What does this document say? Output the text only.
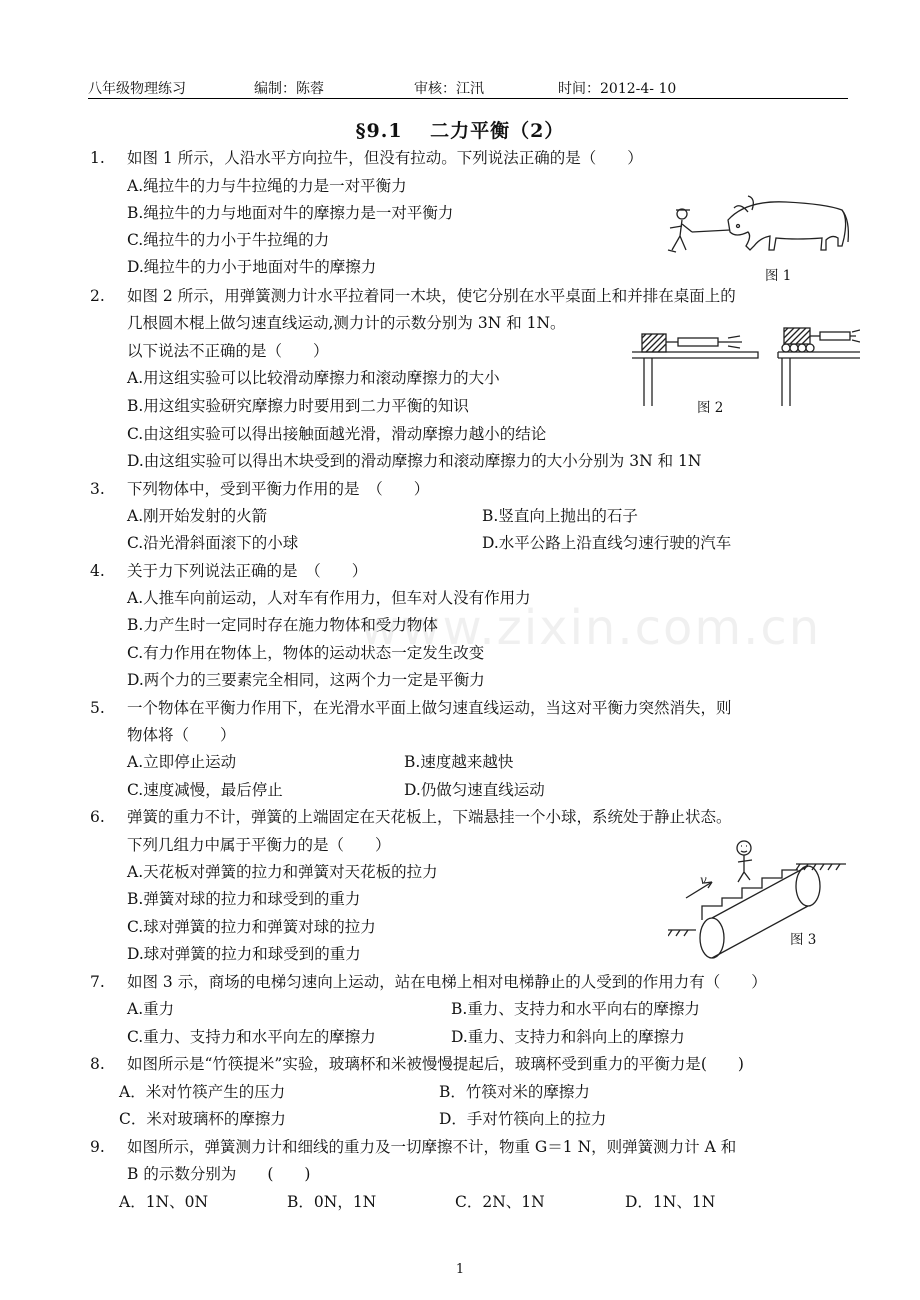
八年级物理练习	编制：陈蓉	审核：江汛	时间：2012-4- 10
§9.1　 二力平衡（2）
www.zixin.com.cn
1. 如图 1 所示，人沿水平方向拉牛，但没有拉动。下列说法正确的是（　　）
A.绳拉牛的力与牛拉绳的力是一对平衡力
B.绳拉牛的力与地面对牛的摩擦力是一对平衡力
C.绳拉牛的力小于牛拉绳的力
D.绳拉牛的力小于地面对牛的摩擦力	图 1
2. 如图 2 所示，用弹簧测力计水平拉着同一木块，使它分别在水平桌面上和并排在桌面上的
几根圆木棍上做匀速直线运动,测力计的示数分别为 3N 和 1N。
以下说法不正确的是（　　）
A.用这组实验可以比较滑动摩擦力和滚动摩擦力的大小
B.用这组实验研究摩擦力时要用到二力平衡的知识
C.由这组实验可以得出接触面越光滑，滑动摩擦力越小的结论
D.由这组实验可以得出木块受到的滑动摩擦力和滚动摩擦力的大小分别为 3N 和 1N
图 2
3. 下列物体中，受到平衡力作用的是　（　　）
A.刚开始发射的火箭	B.竖直向上抛出的石子
C.沿光滑斜面滚下的小球	D.水平公路上沿直线匀速行驶的汽车
4. 关于力下列说法正确的是　（　　）
A.人推车向前运动，人对车有作用力，但车对人没有作用力
B.力产生时一定同时存在施力物体和受力物体
C.有力作用在物体上，物体的运动状态一定发生改变
D.两个力的三要素完全相同，这两个力一定是平衡力
5. 一个物体在平衡力作用下，在光滑水平面上做匀速直线运动，当这对平衡力突然消失，则
物体将（　　）
A.立即停止运动	B.速度越来越快
C.速度减慢，最后停止	D.仍做匀速直线运动
6. 弹簧的重力不计，弹簧的上端固定在天花板上，下端悬挂一个小球，系统处于静止状态。
下列几组力中属于平衡力的是（　　）
A.天花板对弹簧的拉力和弹簧对天花板的拉力
B.弹簧对球的拉力和球受到的重力
C.球对弹簧的拉力和弹簧对球的拉力
D.球对弹簧的拉力和球受到的重力
v
图 3
7. 如图 3 示，商场的电梯匀速向上运动，站在电梯上相对电梯静止的人受到的作用力有（　　）
A.重力	B.重力、支持力和水平向右的摩擦力
C.重力、支持力和水平向左的摩擦力	D.重力、支持力和斜向上的摩擦力
8. 如图所示是“竹筷提米”实验，玻璃杯和米被慢慢提起后，玻璃杯受到重力的平衡力是(　　)
A．米对竹筷产生的压力	B．竹筷对米的摩擦力
C．米对玻璃杯的摩擦力	D．手对竹筷向上的拉力
9. 如图所示，弹簧测力计和细线的重力及一切摩擦不计，物重 G＝1 N，则弹簧测力计 A 和
B 的示数分别为　　(　　)
A．1N、0N	B．0N，1N	C．2N、1N	D．1N、1N
1
